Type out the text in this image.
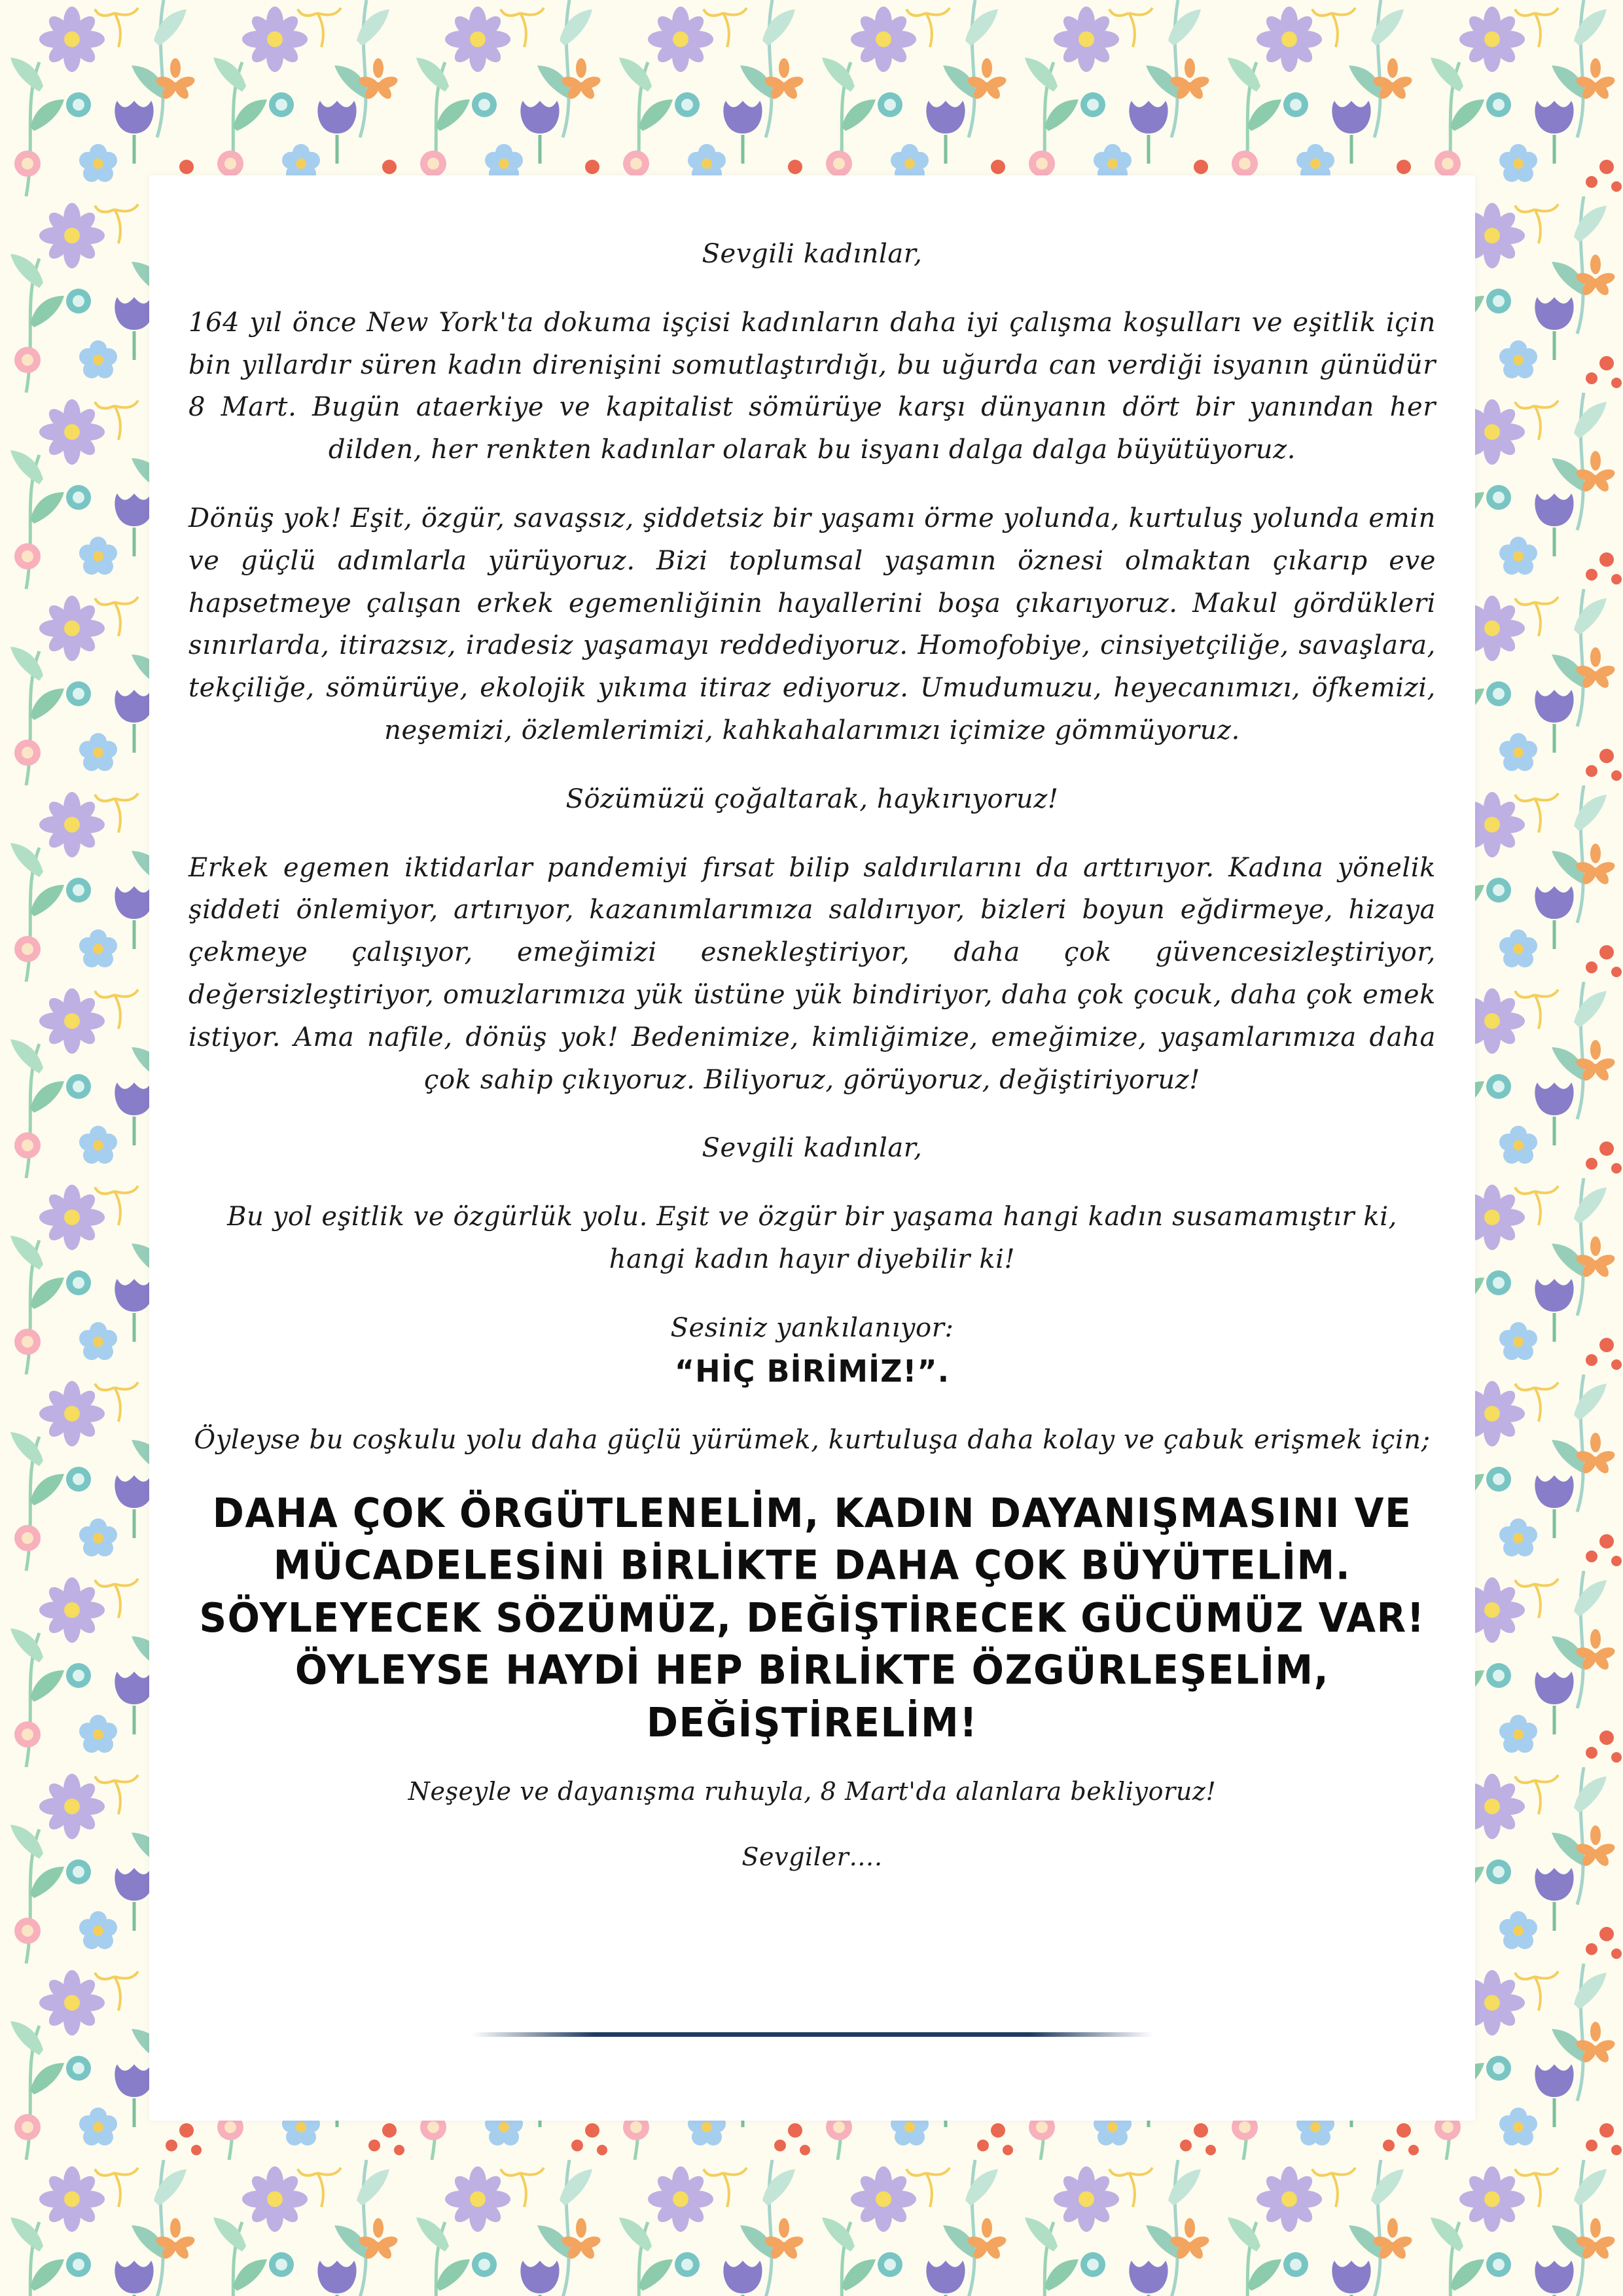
Sevgili kadınlar,

164 yıl önce New York'ta dokuma işçisi kadınların daha iyi çalışma koşulları ve eşitlik için bin yıllardır süren kadın direnişini somutlaştırdığı, bu uğurda can verdiği isyanın günüdür 8 Mart. Bugün ataerkiye ve kapitalist sömürüye karşı dünyanın dört bir yanından her dilden, her renkten kadınlar olarak bu isyanı dalga dalga büyütüyoruz.

Dönüş yok! Eşit, özgür, savaşsız, şiddetsiz bir yaşamı örme yolunda, kurtuluş yolunda emin ve güçlü adımlarla yürüyoruz. Bizi toplumsal yaşamın öznesi olmaktan çıkarıp eve hapsetmeye çalışan erkek egemenliğinin hayallerini boşa çıkarıyoruz. Makul gördükleri sınırlarda, itirazsız, iradesiz yaşamayı reddediyoruz. Homofobiye, cinsiyetçiliğe, savaşlara, tekçiliğe, sömürüye, ekolojik yıkıma itiraz ediyoruz. Umudumuzu, heyecanımızı, öfkemizi, neşemizi, özlemlerimizi, kahkahalarımızı içimize gömmüyoruz.

Sözümüzü çoğaltarak, haykırıyoruz!

Erkek egemen iktidarlar pandemiyi fırsat bilip saldırılarını da arttırıyor. Kadına yönelik şiddeti önlemiyor, artırıyor, kazanımlarımıza saldırıyor, bizleri boyun eğdirmeye, hizaya çekmeye çalışıyor, emeğimizi esnekleştiriyor, daha çok güvencesizleştiriyor, değersizleştiriyor, omuzlarımıza yük üstüne yük bindiriyor, daha çok çocuk, daha çok emek istiyor. Ama nafile, dönüş yok! Bedenimize, kimliğimize, emeğimize, yaşamlarımıza daha çok sahip çıkıyoruz. Biliyoruz, görüyoruz, değiştiriyoruz!

Sevgili kadınlar,

Bu yol eşitlik ve özgürlük yolu. Eşit ve özgür bir yaşama hangi kadın susamamıştır ki, hangi kadın hayır diyebilir ki!

Sesiniz yankılanıyor:

“HİÇ BİRİMİZ!”.

Öyleyse bu coşkulu yolu daha güçlü yürümek, kurtuluşa daha kolay ve çabuk erişmek için;

DAHA ÇOK ÖRGÜTLENELİM, KADIN DAYANIŞMASINI VE
MÜCADELESİNİ BİRLİKTE DAHA ÇOK BÜYÜTELİM.
SÖYLEYECEK SÖZÜMÜZ, DEĞİŞTİRECEK GÜCÜMÜZ VAR!
ÖYLEYSE HAYDİ HEP BİRLİKTE ÖZGÜRLEŞELİM, DEĞİŞTİRELİM!

Neşeyle ve dayanışma ruhuyla, 8 Mart'da alanlara bekliyoruz!

Sevgiler….
